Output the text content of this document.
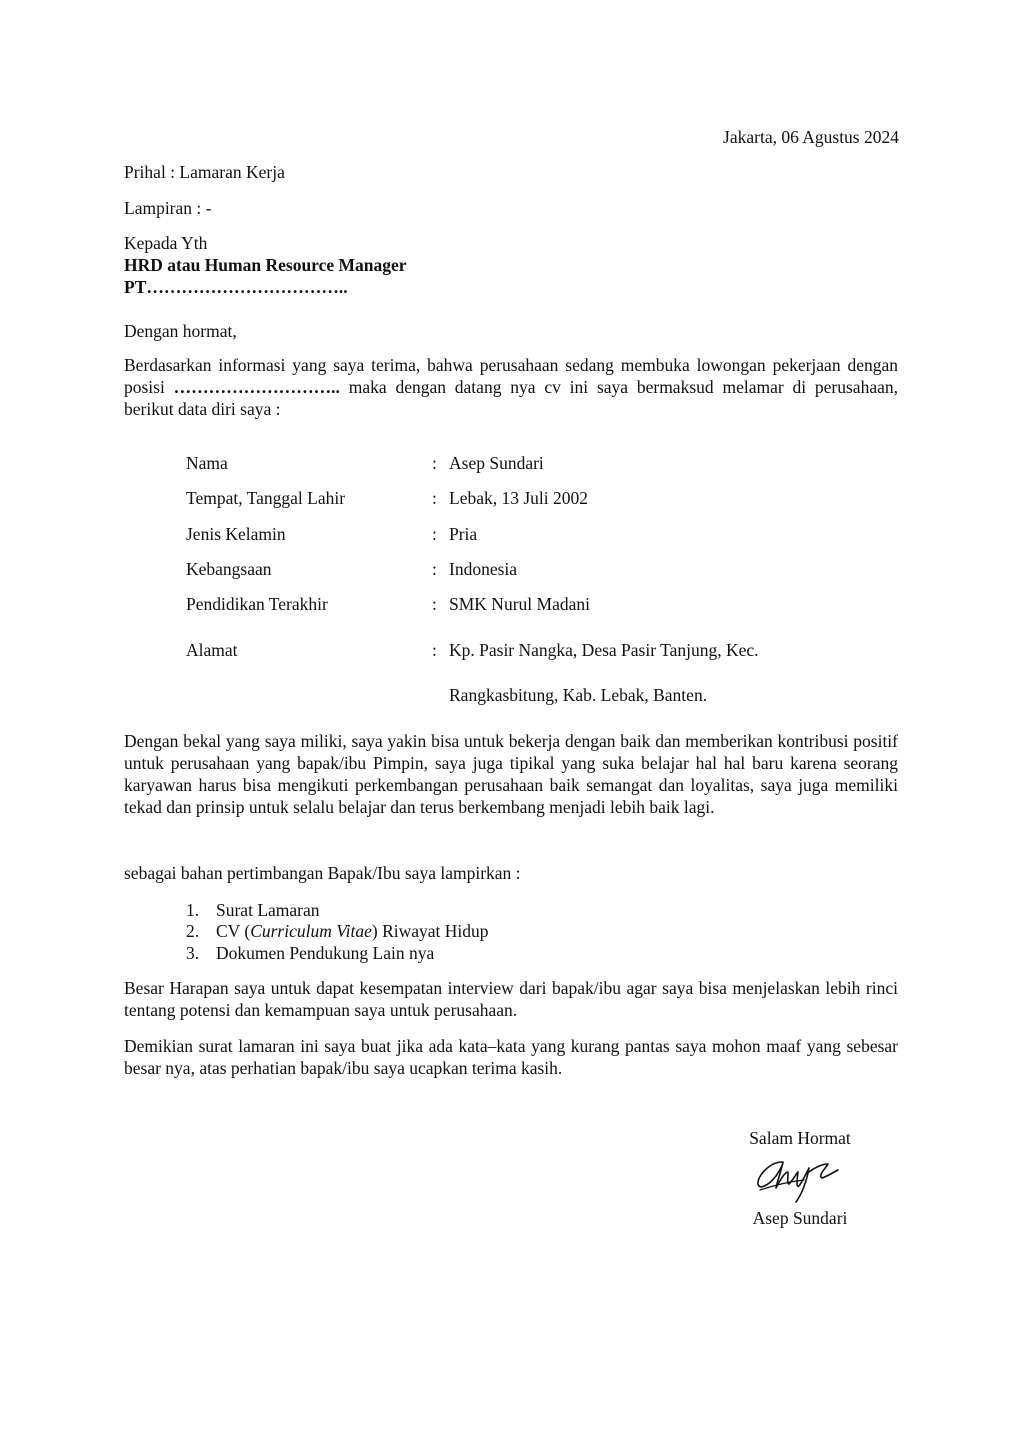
Jakarta, 06 Agustus 2024
Prihal : Lamaran Kerja
Lampiran : -
Kepada Yth
HRD atau Human Resource Manager
PT……………………………..
Dengan hormat,
Berdasarkan informasi yang saya terima, bahwa perusahaan sedang membuka lowongan pekerjaan dengan posisi ……………………….. maka dengan datang nya cv ini saya bermaksud melamar di perusahaan, berikut data diri saya :
Nama	: Asep Sundari
Tempat, Tanggal Lahir	: Lebak, 13 Juli 2002
Jenis Kelamin	: Pria
Kebangsaan	: Indonesia
Pendidikan Terakhir	: SMK Nurul Madani
Alamat	: Kp. Pasir Nangka, Desa Pasir Tanjung, Kec.
Rangkasbitung, Kab. Lebak, Banten.
Dengan bekal yang saya miliki, saya yakin bisa untuk bekerja dengan baik dan memberikan kontribusi positif untuk perusahaan yang bapak/ibu Pimpin, saya juga tipikal yang suka belajar hal hal baru karena seorang karyawan harus bisa mengikuti perkembangan perusahaan baik semangat dan loyalitas, saya juga memiliki tekad dan prinsip untuk selalu belajar dan terus berkembang menjadi lebih baik lagi.
sebagai bahan pertimbangan Bapak/Ibu saya lampirkan :
1. Surat Lamaran
2. CV (Curriculum Vitae) Riwayat Hidup
3. Dokumen Pendukung Lain nya
Besar Harapan saya untuk dapat kesempatan interview dari bapak/ibu agar saya bisa menjelaskan lebih rinci tentang potensi dan kemampuan saya untuk perusahaan.
Demikian surat lamaran ini saya buat jika ada kata–kata yang kurang pantas saya mohon maaf yang sebesar besar nya, atas perhatian bapak/ibu saya ucapkan terima kasih.
Salam Hormat
Asep Sundari
